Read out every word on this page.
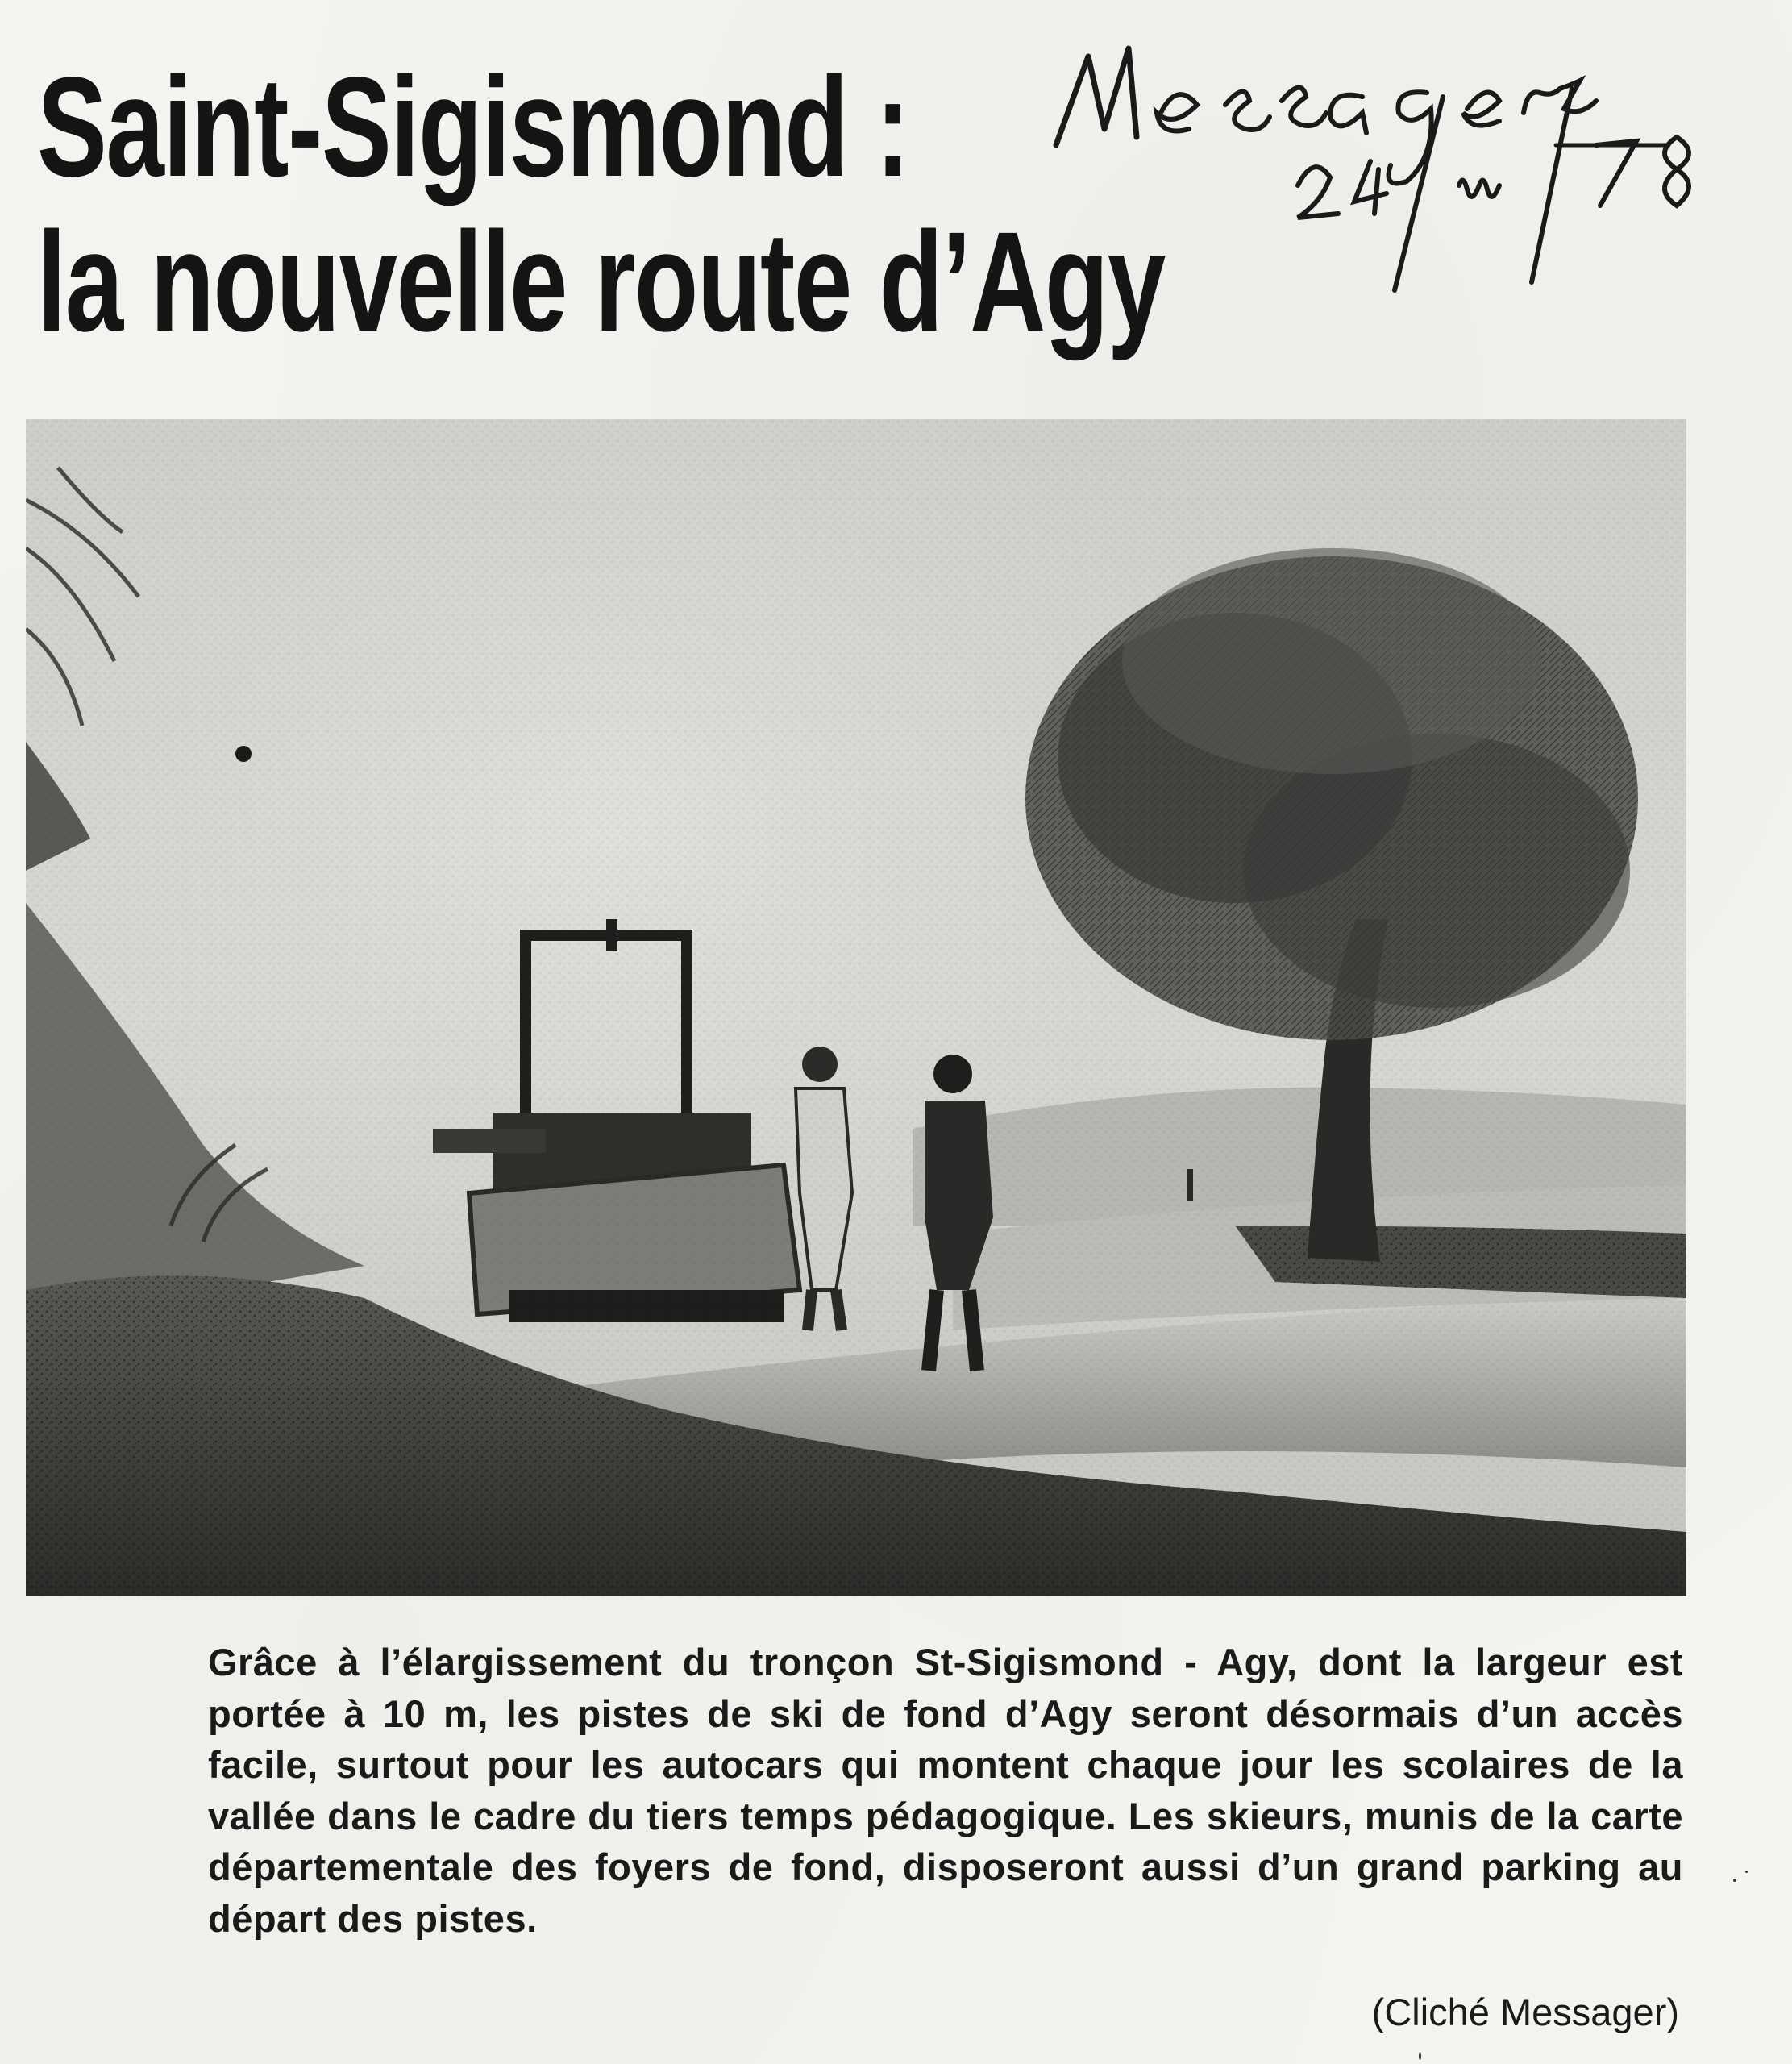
Saint-Sigismond :
la nouvelle route d’Agy

Grâce à l’élargissement du tronçon St-Sigismond - Agy, dont la largeur est portée à 10 m, les pistes de ski de fond d’Agy seront désormais d’un accès facile, surtout pour les autocars qui montent chaque jour les scolaires de la vallée dans le cadre du tiers temps pédagogique. Les skieurs, munis de la carte départementale des foyers de fond, disposeront aussi d’un grand parking au départ des pistes.

(Cliché Messager)
